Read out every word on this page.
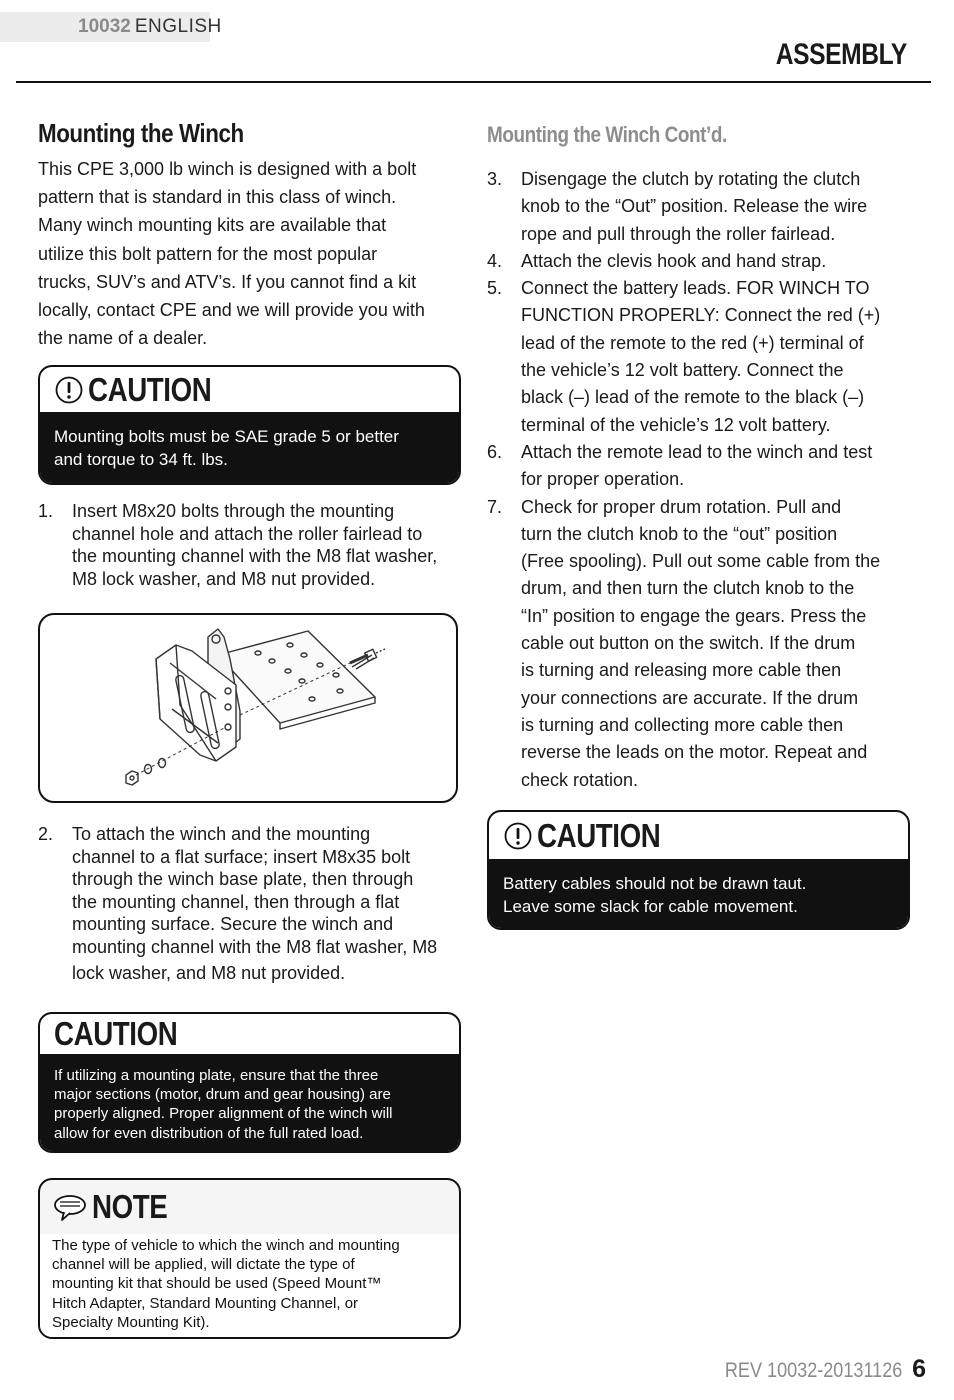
10032 ENGLISH
ASSEMBLY
Mounting the Winch

This CPE 3,000 lb winch is designed with a bolt
pattern that is standard in this class of winch.
Many winch mounting kits are available that
utilize this bolt pattern for the most popular
trucks, SUV’s and ATV’s. If you cannot find a kit
locally, contact CPE and we will provide you with
the name of a dealer.

CAUTION
Mounting bolts must be SAE grade 5 or better
and torque to 34 ft. lbs.
1. Insert M8x20 bolts through the mounting
channel hole and attach the roller fairlead to
the mounting channel with the M8 flat washer,
M8 lock washer, and M8 nut provided.
2. To attach the winch and the mounting
channel to a flat surface; insert M8x35 bolt
through the winch base plate, then through
the mounting channel, then through a flat
mounting surface. Secure the winch and
mounting channel with the M8 flat washer, M8
lock washer, and M8 nut provided.
CAUTION
If utilizing a mounting plate, ensure that the three
major sections (motor, drum and gear housing) are
properly aligned. Proper alignment of the winch will
allow for even distribution of the full rated load.
NOTE
The type of vehicle to which the winch and mounting
channel will be applied, will dictate the type of
mounting kit that should be used (Speed Mount™
Hitch Adapter, Standard Mounting Channel, or
Specialty Mounting Kit).
Mounting the Winch Cont’d.
3. Disengage the clutch by rotating the clutch
knob to the “Out” position. Release the wire
rope and pull through the roller fairlead.
4. Attach the clevis hook and hand strap.
5. Connect the battery leads. FOR WINCH TO
FUNCTION PROPERLY: Connect the red (+)
lead of the remote to the red (+) terminal of
the vehicle’s 12 volt battery. Connect the
black (–) lead of the remote to the black (–)
terminal of the vehicle’s 12 volt battery.
6. Attach the remote lead to the winch and test
for proper operation.
7. Check for proper drum rotation. Pull and
turn the clutch knob to the “out” position
(Free spooling). Pull out some cable from the
drum, and then turn the clutch knob to the
“In” position to engage the gears. Press the
cable out button on the switch. If the drum
is turning and releasing more cable then
your connections are accurate. If the drum
is turning and collecting more cable then
reverse the leads on the motor. Repeat and
check rotation.
CAUTION
Battery cables should not be drawn taut.
Leave some slack for cable movement.
REV 10032-20131126 6
